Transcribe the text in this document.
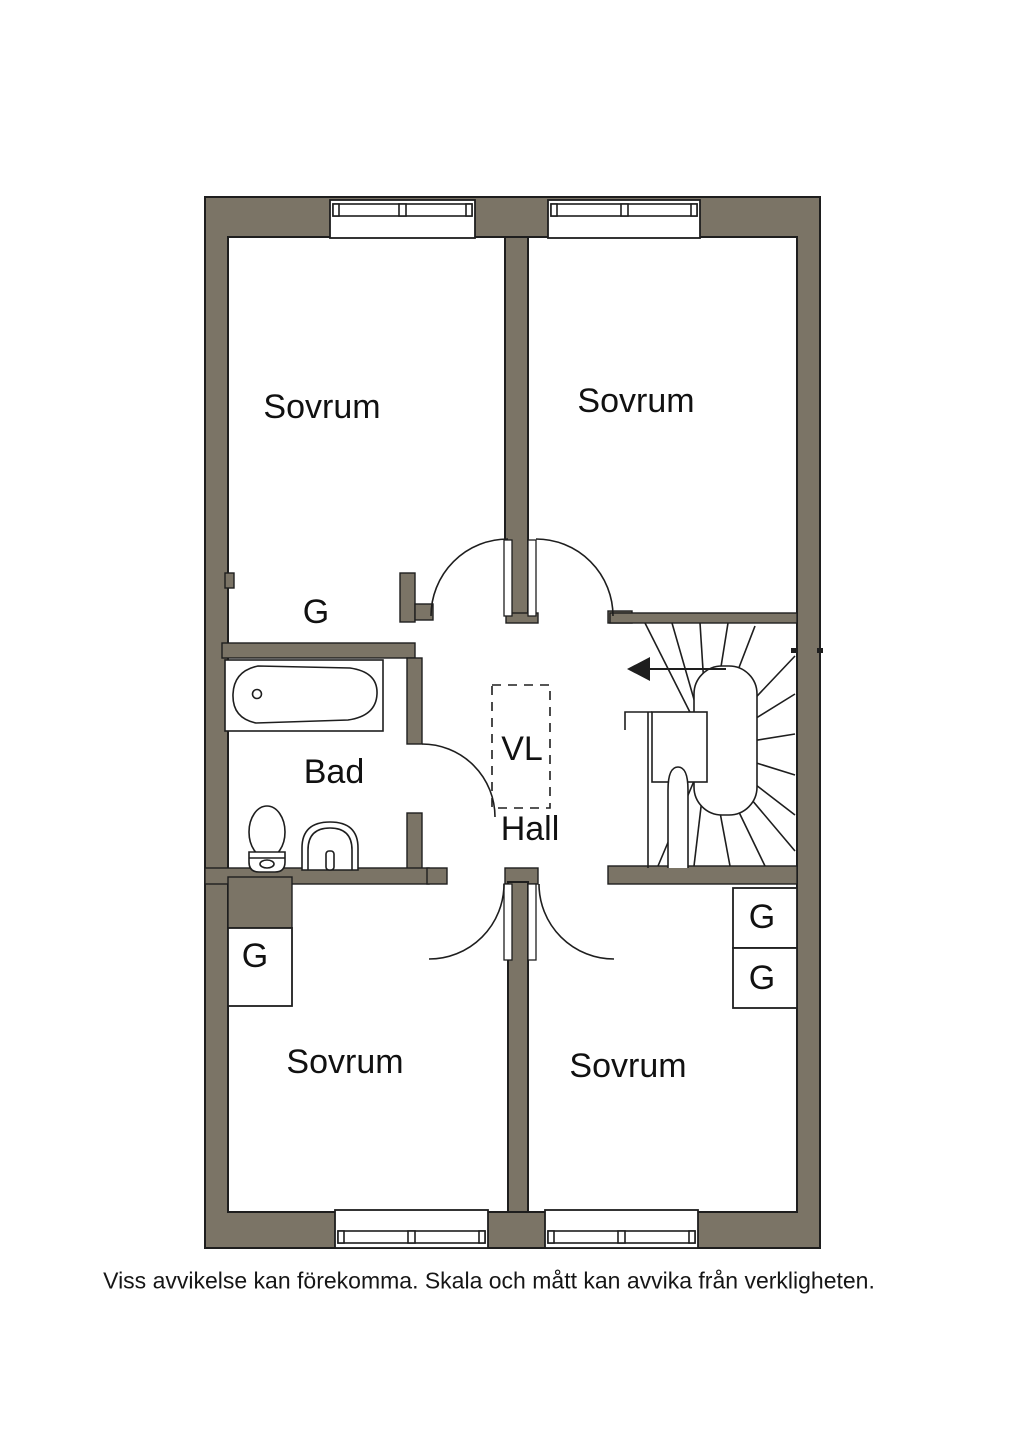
Sovrum	Sovrum
Sovrum	Sovrum
Bad
Hall
VL
G
G
G
G
Viss avvikelse kan förekomma. Skala och mått kan avvika från verkligheten.
